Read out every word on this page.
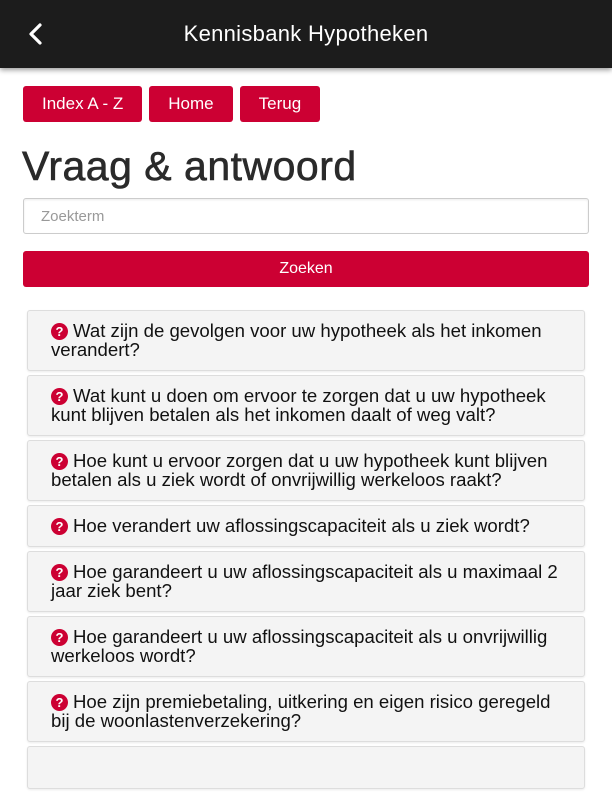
Kennisbank Hypotheken
Index A - Z	Home	Terug
Vraag & antwoord
Zoekterm
Zoeken
? Wat zijn de gevolgen voor uw hypotheek als het inkomen verandert?
? Wat kunt u doen om ervoor te zorgen dat u uw hypotheek kunt blijven betalen als het inkomen daalt of weg valt?
? Hoe kunt u ervoor zorgen dat u uw hypotheek kunt blijven betalen als u ziek wordt of onvrijwillig werkeloos raakt?
? Hoe verandert uw aflossingscapaciteit als u ziek wordt?
? Hoe garandeert u uw aflossingscapaciteit als u maximaal 2 jaar ziek bent?
? Hoe garandeert u uw aflossingscapaciteit als u onvrijwillig werkeloos wordt?
? Hoe zijn premiebetaling, uitkering en eigen risico geregeld bij de woonlastenverzekering?
